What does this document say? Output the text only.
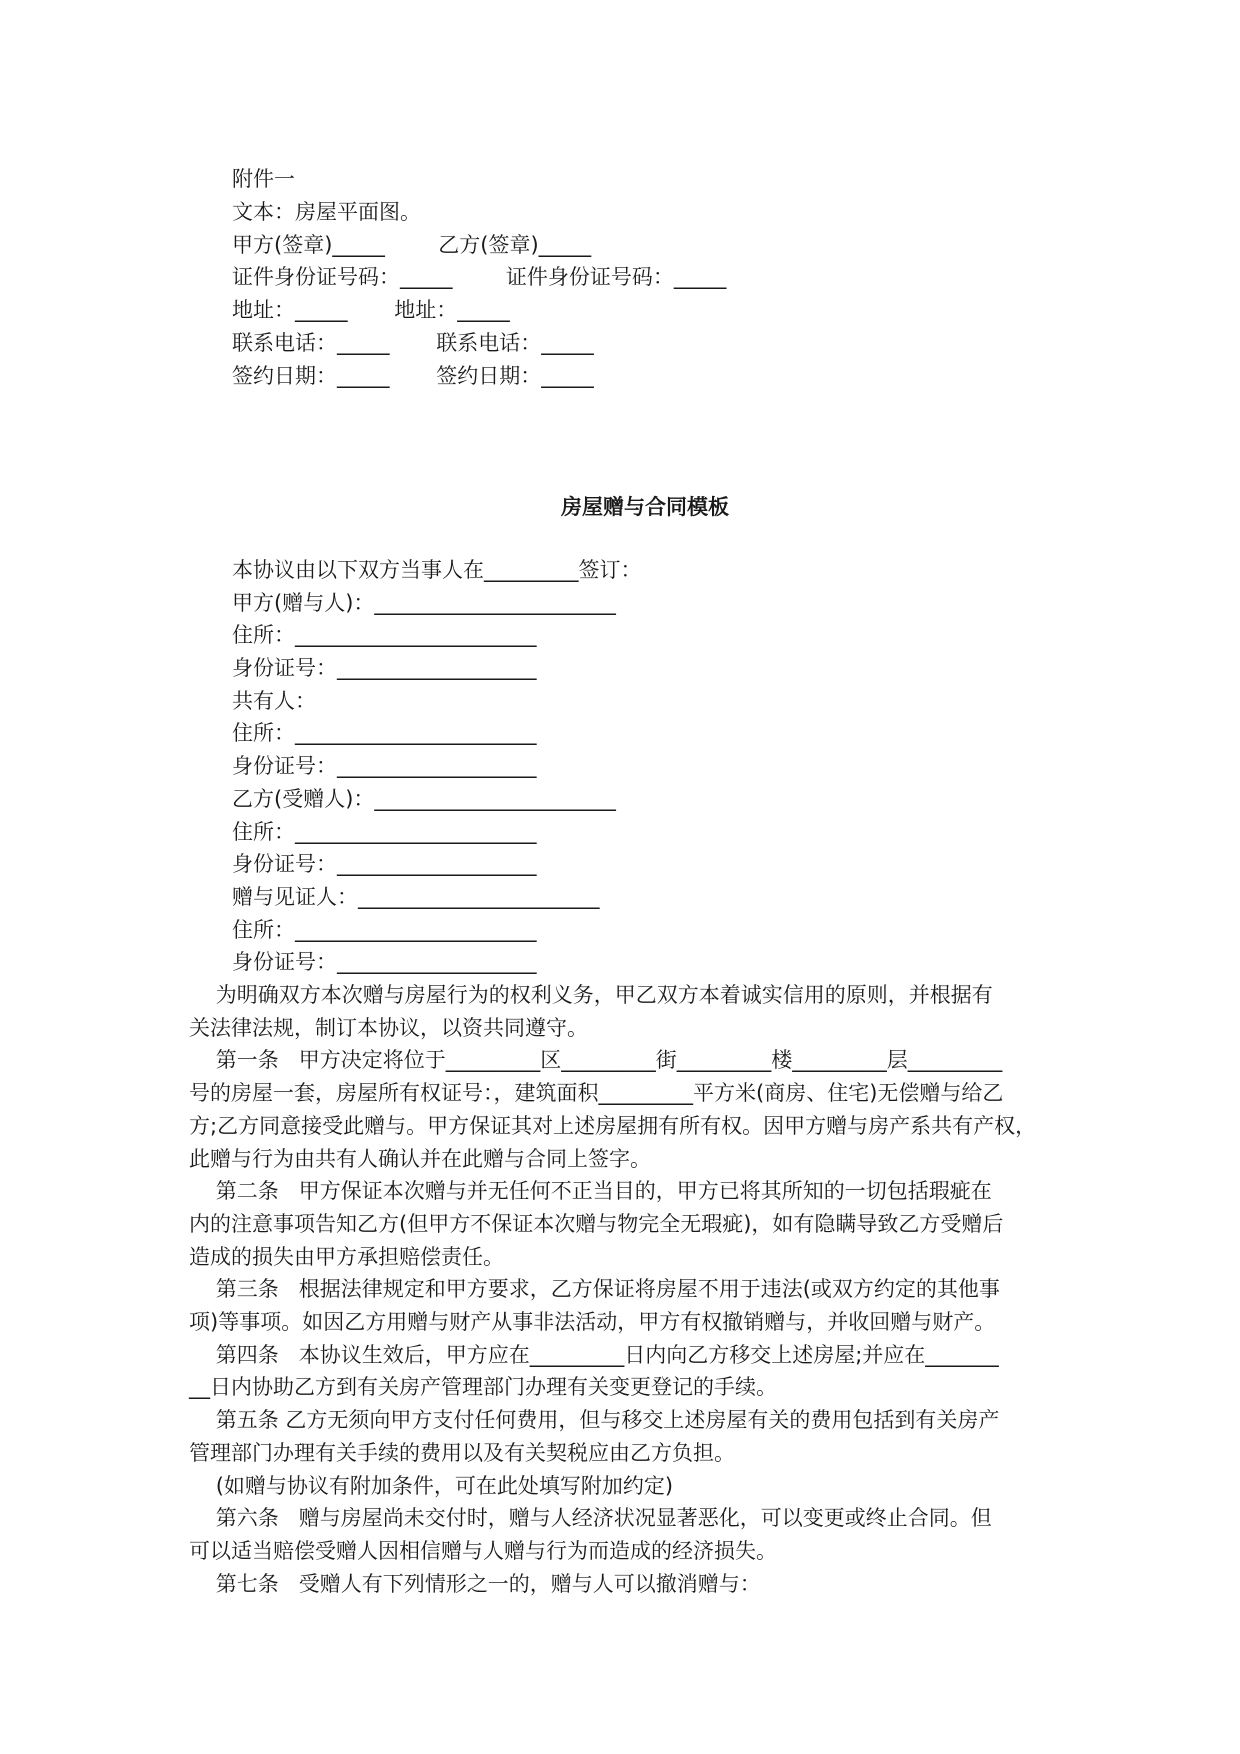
附件一
文本：房屋平面图。
甲方(签章)_____        乙方(签章)_____
证件身份证号码：_____        证件身份证号码：_____
地址：_____       地址：_____
联系电话：_____       联系电话：_____
签约日期：_____       签约日期：_____
房屋赠与合同模板
本协议由以下双方当事人在_________签订：
甲方(赠与人)：_______________________
住所：_______________________
身份证号：___________________
共有人：
住所：_______________________
身份证号：___________________
乙方(受赠人)：_______________________
住所：_______________________
身份证号：___________________
赠与见证人：_______________________
住所：_______________________
身份证号：___________________

为明确双方本次赠与房屋行为的权利义务，甲乙双方本着诚实信用的原则，并根据有

关法律法规，制订本协议，以资共同遵守。

第一条   甲方决定将位于_________区_________街_________楼_________层_________

号的房屋一套，房屋所有权证号：，建筑面积_________平方米(商房、住宅)无偿赠与给乙

方;乙方同意接受此赠与。甲方保证其对上述房屋拥有所有权。因甲方赠与房产系共有产权，

此赠与行为由共有人确认并在此赠与合同上签字。

第二条   甲方保证本次赠与并无任何不正当目的，甲方已将其所知的一切包括瑕疵在

内的注意事项告知乙方(但甲方不保证本次赠与物完全无瑕疵)，如有隐瞒导致乙方受赠后

造成的损失由甲方承担赔偿责任。

第三条   根据法律规定和甲方要求，乙方保证将房屋不用于违法(或双方约定的其他事

项)等事项。如因乙方用赠与财产从事非法活动，甲方有权撤销赠与，并收回赠与财产。

第四条   本协议生效后，甲方应在_________日内向乙方移交上述房屋;并应在_______

__日内协助乙方到有关房产管理部门办理有关变更登记的手续。

第五条 乙方无须向甲方支付任何费用，但与移交上述房屋有关的费用包括到有关房产

管理部门办理有关手续的费用以及有关契税应由乙方负担。

(如赠与协议有附加条件，可在此处填写附加约定)

第六条   赠与房屋尚未交付时，赠与人经济状况显著恶化，可以变更或终止合同。但

可以适当赔偿受赠人因相信赠与人赠与行为而造成的经济损失。

第七条   受赠人有下列情形之一的，赠与人可以撤消赠与：
